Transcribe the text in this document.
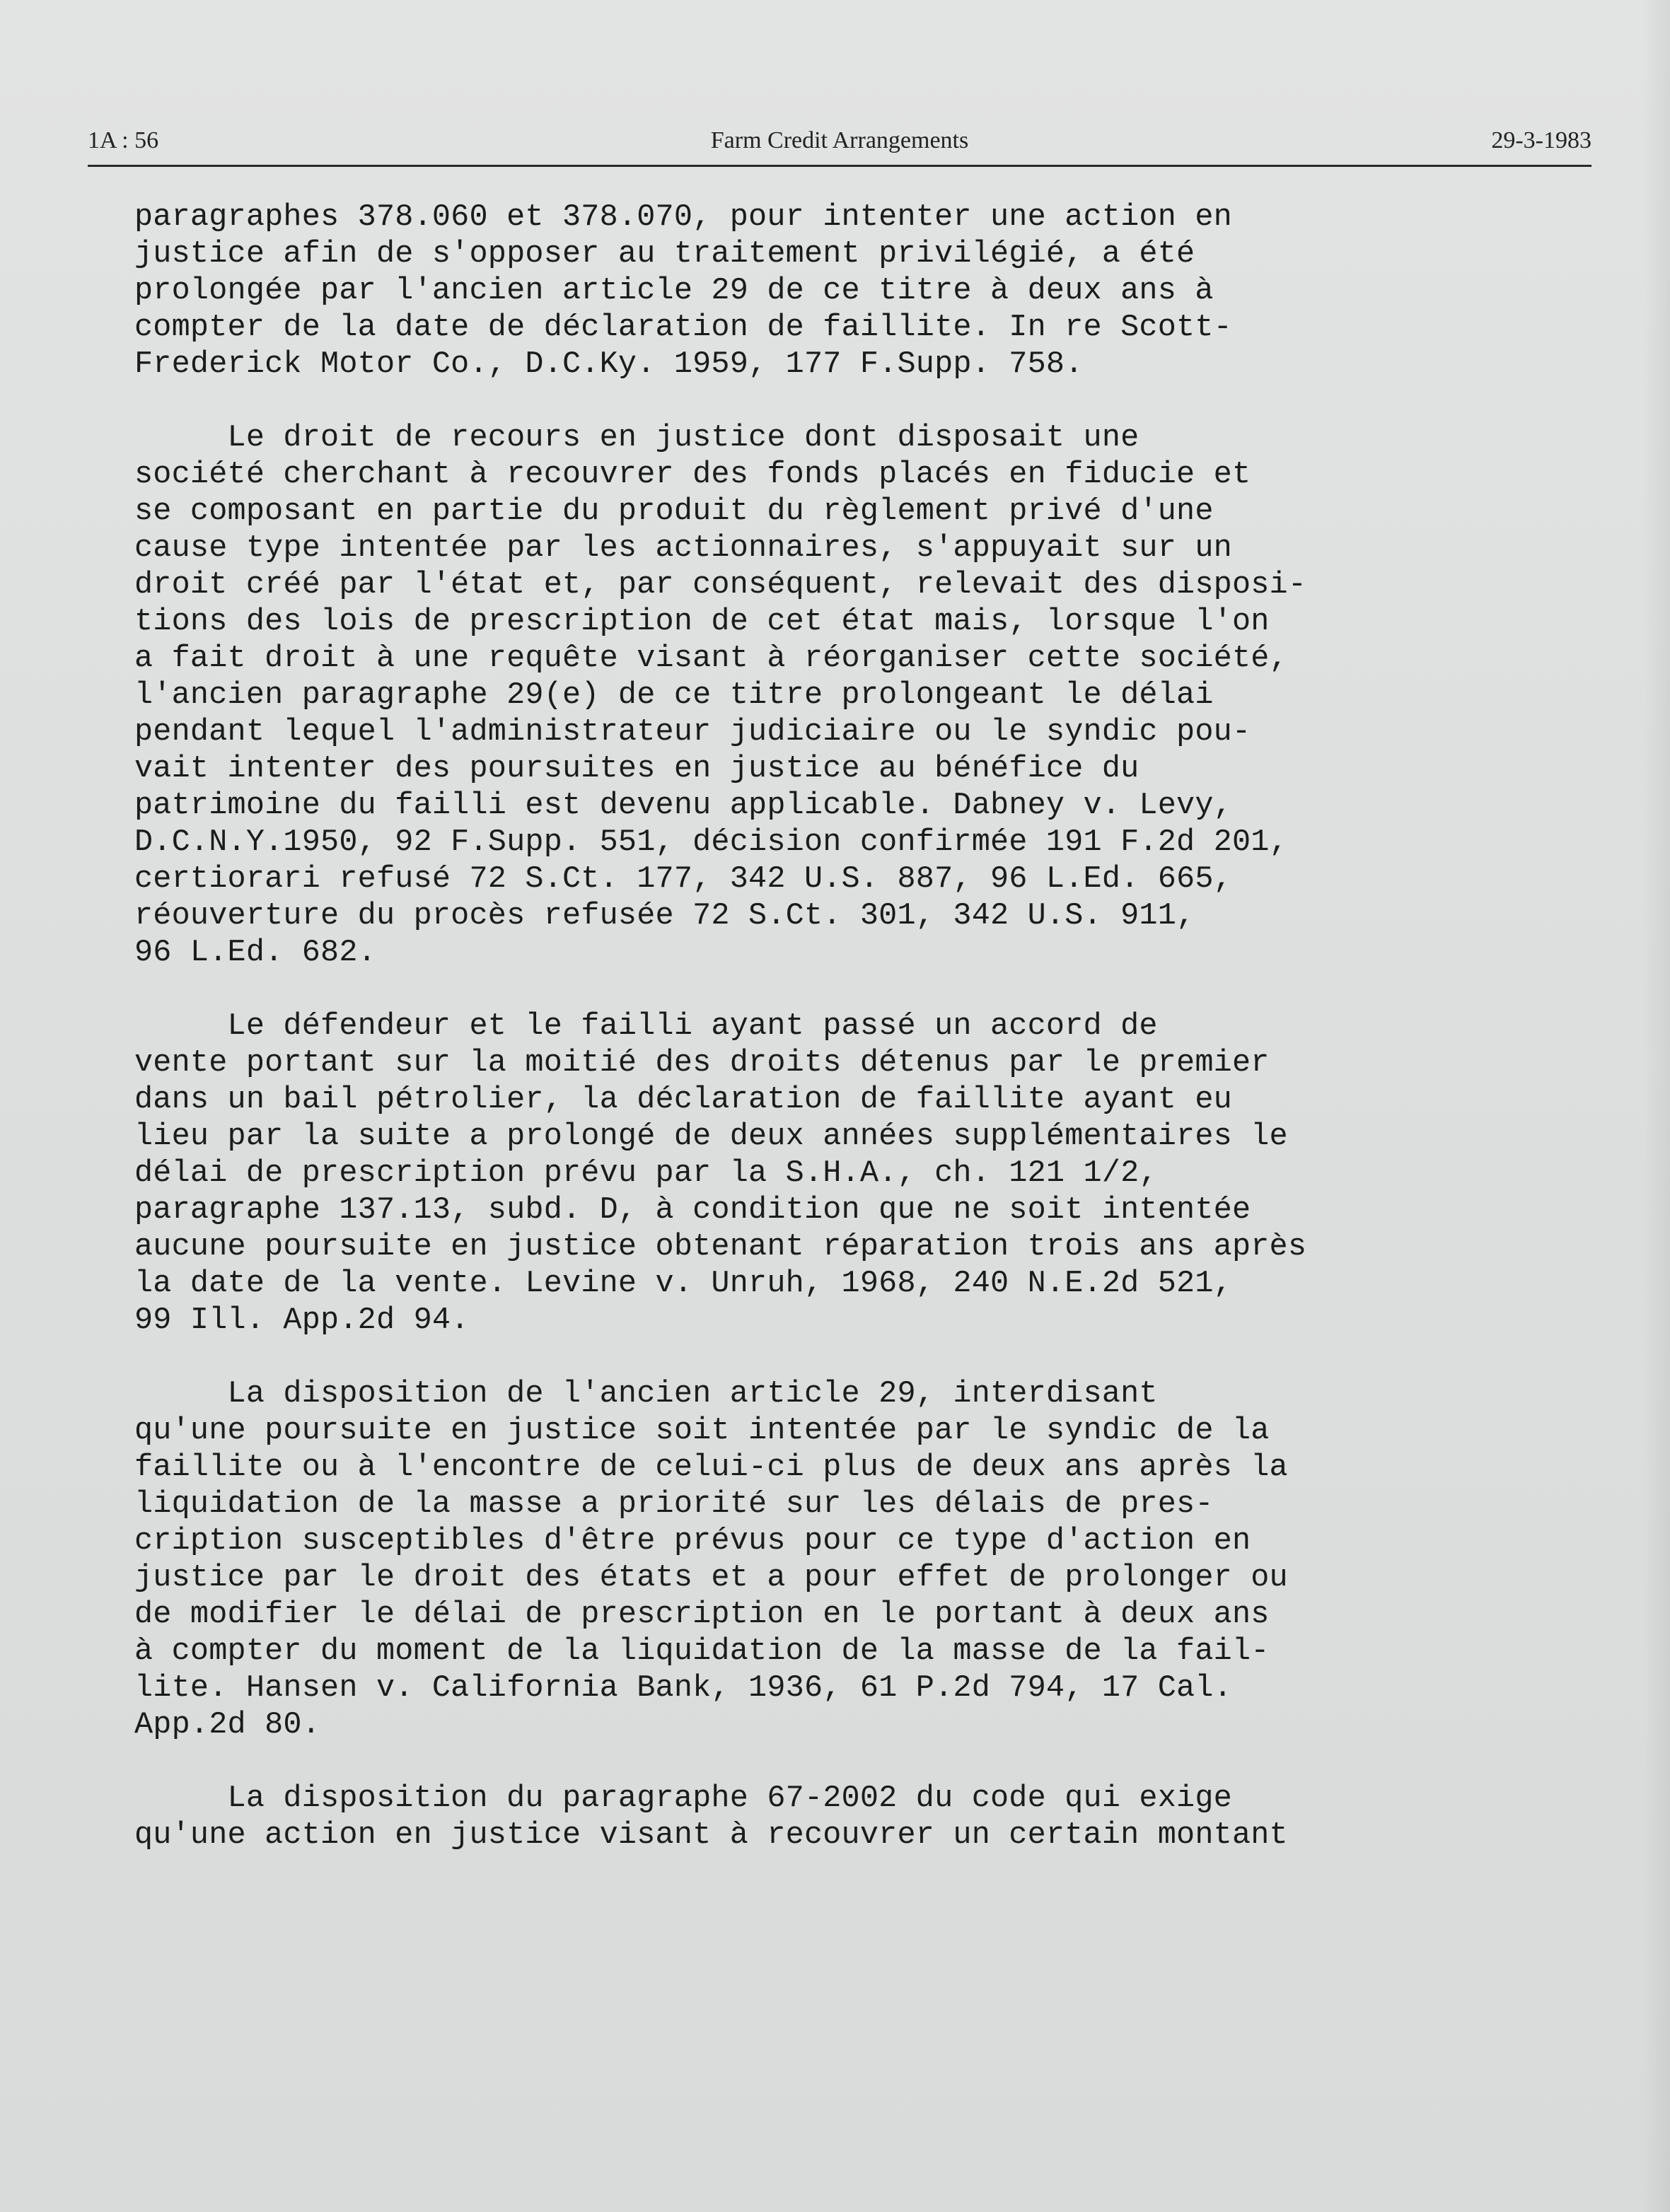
Farm Credit Arrangements
1A : 56	29-3-1983
paragraphes 378.060 et 378.070, pour intenter une action en
justice afin de s'opposer au traitement privilégié, a été
prolongée par l'ancien article 29 de ce titre à deux ans à
compter de la date de déclaration de faillite. In re Scott-
Frederick Motor Co., D.C.Ky. 1959, 177 F.Supp. 758.
Le droit de recours en justice dont disposait une
société cherchant à recouvrer des fonds placés en fiducie et
se composant en partie du produit du règlement privé d'une
cause type intentée par les actionnaires, s'appuyait sur un
droit créé par l'état et, par conséquent, relevait des disposi-
tions des lois de prescription de cet état mais, lorsque l'on
a fait droit à une requête visant à réorganiser cette société,
l'ancien paragraphe 29(e) de ce titre prolongeant le délai
pendant lequel l'administrateur judiciaire ou le syndic pou-
vait intenter des poursuites en justice au bénéfice du
patrimoine du failli est devenu applicable. Dabney v. Levy,
D.C.N.Y.1950, 92 F.Supp. 551, décision confirmée 191 F.2d 201,
certiorari refusé 72 S.Ct. 177, 342 U.S. 887, 96 L.Ed. 665,
réouverture du procès refusée 72 S.Ct. 301, 342 U.S. 911,
96 L.Ed. 682.
Le défendeur et le failli ayant passé un accord de
vente portant sur la moitié des droits détenus par le premier
dans un bail pétrolier, la déclaration de faillite ayant eu
lieu par la suite a prolongé de deux années supplémentaires le
délai de prescription prévu par la S.H.A., ch. 121 1/2,
paragraphe 137.13, subd. D, à condition que ne soit intentée
aucune poursuite en justice obtenant réparation trois ans après
la date de la vente. Levine v. Unruh, 1968, 240 N.E.2d 521,
99 Ill. App.2d 94.
La disposition de l'ancien article 29, interdisant
qu'une poursuite en justice soit intentée par le syndic de la
faillite ou à l'encontre de celui-ci plus de deux ans après la
liquidation de la masse a priorité sur les délais de pres-
cription susceptibles d'être prévus pour ce type d'action en
justice par le droit des états et a pour effet de prolonger ou
de modifier le délai de prescription en le portant à deux ans
à compter du moment de la liquidation de la masse de la fail-
lite. Hansen v. California Bank, 1936, 61 P.2d 794, 17 Cal.
App.2d 80.
La disposition du paragraphe 67-2002 du code qui exige
qu'une action en justice visant à recouvrer un certain montant
